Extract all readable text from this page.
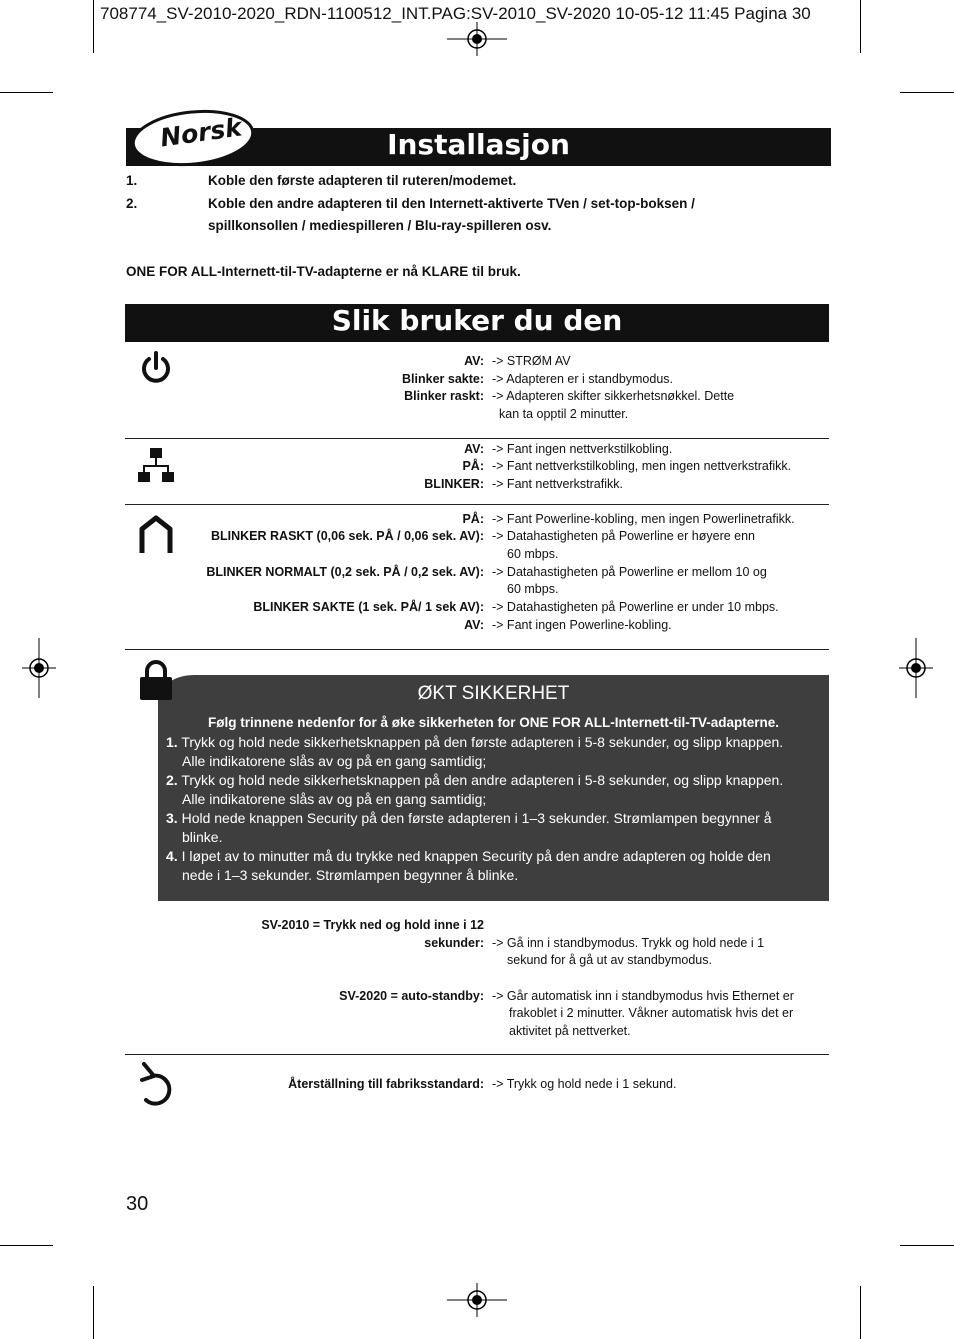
708774_SV-2010-2020_RDN-1100512_INT.PAG:SV-2010_SV-2020 10-05-12 11:45 Pagina 30
Installasjon
Norsk
1.	Koble den første adapteren til ruteren/modemet.
2.	Koble den andre adapteren til den Internett-aktiverte TVen / set-top-boksen /
spillkonsollen / mediespilleren / Blu-ray-spilleren osv.
ONE FOR ALL-Internett-til-TV-adapterne er nå KLARE til bruk.
Slik bruker du den
AV: -> STRØM AV
Blinker sakte: -> Adapteren er i standbymodus.
Blinker raskt: -> Adapteren skifter sikkerhetsnøkkel. Dette
kan ta opptil 2 minutter.
AV: -> Fant ingen nettverkstilkobling.
PÅ: -> Fant nettverkstilkobling, men ingen nettverkstrafikk.
BLINKER: -> Fant nettverkstrafikk.
PÅ: -> Fant Powerline-kobling, men ingen Powerlinetrafikk.
BLINKER RASKT (0,06 sek. PÅ / 0,06 sek. AV): -> Datahastigheten på Powerline er høyere enn
60 mbps.
BLINKER NORMALT (0,2 sek. PÅ / 0,2 sek. AV): -> Datahastigheten på Powerline er mellom 10 og
60 mbps.
BLINKER SAKTE (1 sek. PÅ/ 1 sek AV): -> Datahastigheten på Powerline er under 10 mbps.
AV: -> Fant ingen Powerline-kobling.
ØKT SIKKERHET
Følg trinnene nedenfor for å øke sikkerheten for ONE FOR ALL-Internett-til-TV-adapterne.
1. Trykk og hold nede sikkerhetsknappen på den første adapteren i 5-8 sekunder, og slipp knappen.
Alle indikatorene slås av og på en gang samtidig;
2. Trykk og hold nede sikkerhetsknappen på den andre adapteren i 5-8 sekunder, og slipp knappen.
Alle indikatorene slås av og på en gang samtidig;
3. Hold nede knappen Security på den første adapteren i 1–3 sekunder. Strømlampen begynner å
blinke.
4. I løpet av to minutter må du trykke ned knappen Security på den andre adapteren og holde den
nede i 1–3 sekunder. Strømlampen begynner å blinke.
SV-2010 = Trykk ned og hold inne i 12
sekunder: -> Gå inn i standbymodus. Trykk og hold nede i 1
sekund for å gå ut av standbymodus.
SV-2020 = auto-standby: -> Går automatisk inn i standbymodus hvis Ethernet er
frakoblet i 2 minutter. Våkner automatisk hvis det er
aktivitet på nettverket.
Återställning till fabriksstandard: -> Trykk og hold nede i 1 sekund.
30
